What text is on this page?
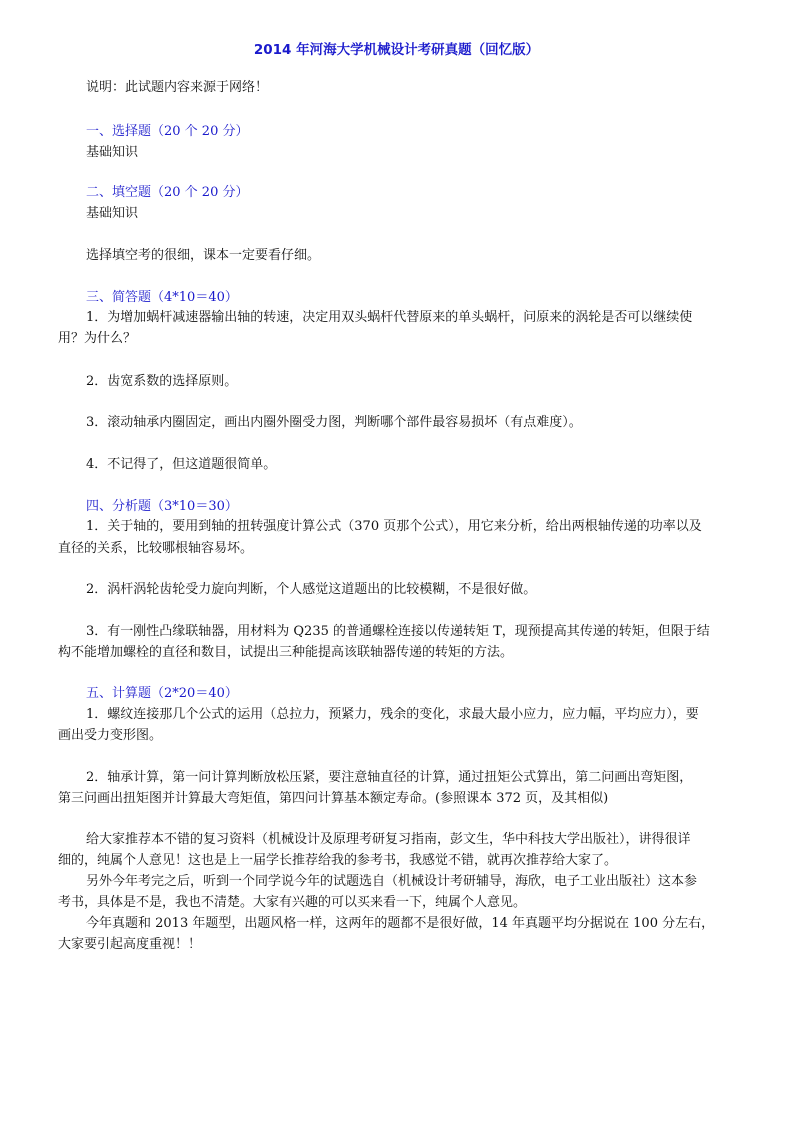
2014 年河海大学机械设计考研真题（回忆版）
说明：此试题内容来源于网络！
一、选择题（20 个 20 分）
基础知识
二、填空题（20 个 20 分）
基础知识
选择填空考的很细，课本一定要看仔细。
三、简答题（4*10＝40）
1．为增加蜗杆减速器输出轴的转速，决定用双头蜗杆代替原来的单头蜗杆，问原来的涡轮是否可以继续使
用？为什么？
2．齿宽系数的选择原则。
3．滚动轴承内圈固定，画出内圈外圈受力图，判断哪个部件最容易损坏（有点难度）。
4．不记得了，但这道题很简单。
四、分析题（3*10＝30）
1．关于轴的，要用到轴的扭转强度计算公式（370 页那个公式），用它来分析，给出两根轴传递的功率以及
直径的关系，比较哪根轴容易坏。
2．涡杆涡轮齿轮受力旋向判断，个人感觉这道题出的比较模糊，不是很好做。
3．有一刚性凸缘联轴器，用材料为 Q235 的普通螺栓连接以传递转矩 T，现预提高其传递的转矩，但限于结
构不能增加螺栓的直径和数目，试提出三种能提高该联轴器传递的转矩的方法。
五、计算题（2*20＝40）
1．螺纹连接那几个公式的运用（总拉力，预紧力，残余的变化，求最大最小应力，应力幅，平均应力），要
画出受力变形图。
2．轴承计算，第一问计算判断放松压紧，要注意轴直径的计算，通过扭矩公式算出，第二问画出弯矩图，
第三问画出扭矩图并计算最大弯矩值，第四问计算基本额定寿命。(参照课本 372 页，及其相似)
给大家推荐本不错的复习资料（机械设计及原理考研复习指南，彭文生，华中科技大学出版社），讲得很详
细的，纯属个人意见！这也是上一届学长推荐给我的参考书，我感觉不错，就再次推荐给大家了。
另外今年考完之后，听到一个同学说今年的试题选自（机械设计考研辅导，海欣，电子工业出版社）这本参
考书，具体是不是，我也不清楚。大家有兴趣的可以买来看一下，纯属个人意见。
今年真题和 2013 年题型，出题风格一样，这两年的题都不是很好做，14 年真题平均分据说在 100 分左右，
大家要引起高度重视！！
